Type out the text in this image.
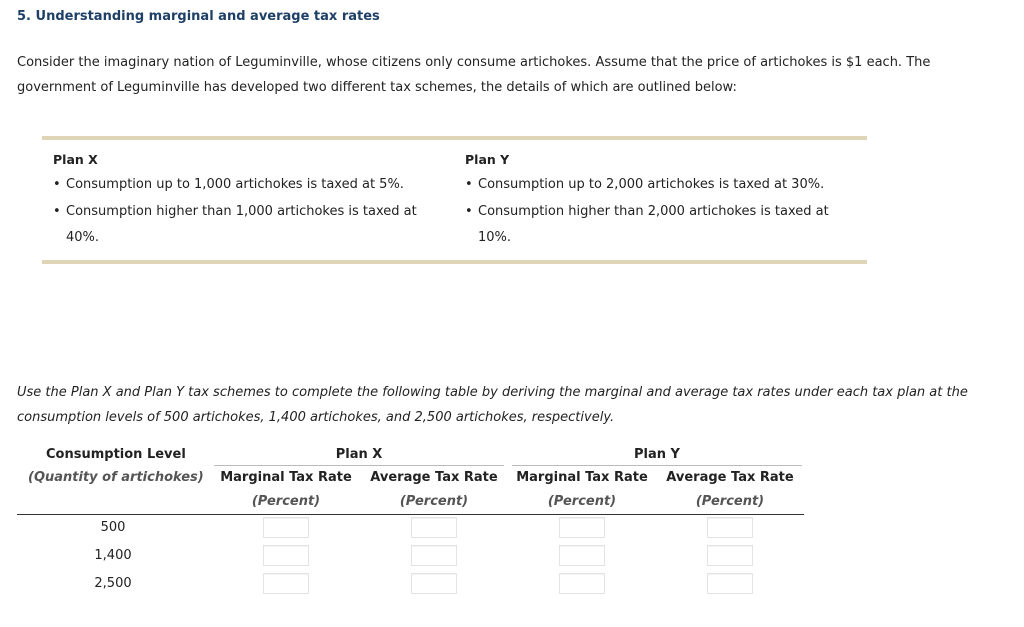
5. Understanding marginal and average tax rates
Consider the imaginary nation of Leguminville, whose citizens only consume artichokes. Assume that the price of artichokes is $1 each. The government of Leguminville has developed two different tax schemes, the details of which are outlined below:
Plan X
• Consumption up to 1,000 artichokes is taxed at 5%.
• Consumption higher than 1,000 artichokes is taxed at 40%.
Plan Y
• Consumption up to 2,000 artichokes is taxed at 30%.
• Consumption higher than 2,000 artichokes is taxed at 10%.
Use the Plan X and Plan Y tax schemes to complete the following table by deriving the marginal and average tax rates under each tax plan at the consumption levels of 500 artichokes, 1,400 artichokes, and 2,500 artichokes, respectively.
Consumption Level
(Quantity of artichokes)
Plan X	Plan Y
Marginal Tax Rate
(Percent)
Average Tax Rate
(Percent)
Marginal Tax Rate
(Percent)
Average Tax Rate
(Percent)
500
1,400
2,500
